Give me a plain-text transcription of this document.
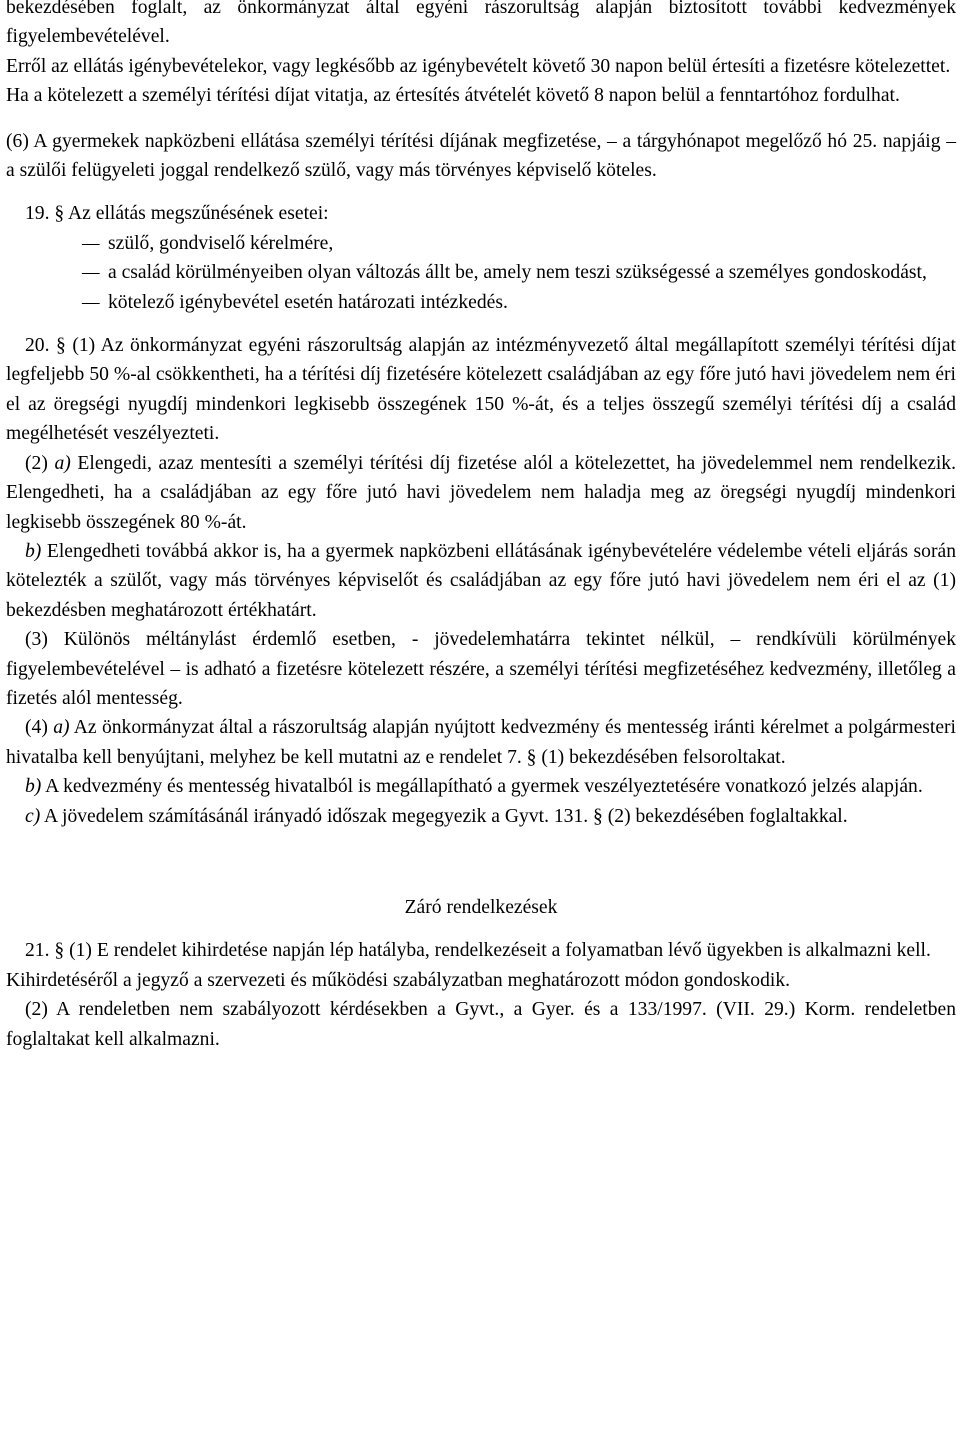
bekezdésében foglalt, az önkormányzat által egyéni rászorultság alapján biztosított további kedvezmények figyelembevételével.

Erről az ellátás igénybevételekor, vagy legkésőbb az igénybevételt követő 30 napon belül értesíti a fizetésre kötelezettet.

Ha a kötelezett a személyi térítési díjat vitatja, az értesítés átvételét követő 8 napon belül a fenntartóhoz fordulhat.

(6) A gyermekek napközbeni ellátása személyi térítési díjának megfizetése, – a tárgyhónapot megelőző hó 25. napjáig – a szülői felügyeleti joggal rendelkező szülő, vagy más törvényes képviselő köteles.

19. § Az ellátás megszűnésének esetei:

–– szülő, gondviselő kérelmére,
–– a család körülményeiben olyan változás állt be, amely nem teszi szükségessé a személyes gondoskodást,
–– kötelező igénybevétel esetén határozati intézkedés.

20. § (1) Az önkormányzat egyéni rászorultság alapján az intézményvezető által megállapított személyi térítési díjat legfeljebb 50 %-al csökkentheti, ha a térítési díj fizetésére kötelezett családjában az egy főre jutó havi jövedelem nem éri el az öregségi nyugdíj mindenkori legkisebb összegének 150 %-át, és a teljes összegű személyi térítési díj a család megélhetését veszélyezteti.

(2) a) Elengedi, azaz mentesíti a személyi térítési díj fizetése alól a kötelezettet, ha jövedelemmel nem rendelkezik. Elengedheti, ha a családjában az egy főre jutó havi jövedelem nem haladja meg az öregségi nyugdíj mindenkori legkisebb összegének 80 %-át.

b) Elengedheti továbbá akkor is, ha a gyermek napközbeni ellátásának igénybevételére védelembe vételi eljárás során kötelezték a szülőt, vagy más törvényes képviselőt és családjában az egy főre jutó havi jövedelem nem éri el az (1) bekezdésben meghatározott értékhatárt.

(3) Különös méltánylást érdemlő esetben, - jövedelemhatárra tekintet nélkül, – rendkívüli körülmények figyelembevételével – is adható a fizetésre kötelezett részére, a személyi térítési megfizetéséhez kedvezmény, illetőleg a fizetés alól mentesség.

(4) a) Az önkormányzat által a rászorultság alapján nyújtott kedvezmény és mentesség iránti kérelmet a polgármesteri hivatalba kell benyújtani, melyhez be kell mutatni az e rendelet 7. § (1) bekezdésében felsoroltakat.

b) A kedvezmény és mentesség hivatalból is megállapítható a gyermek veszélyeztetésére vonatkozó jelzés alapján.

c) A jövedelem számításánál irányadó időszak megegyezik a Gyvt. 131. § (2) bekezdésében foglaltakkal.

Záró rendelkezések

21. § (1) E rendelet kihirdetése napján lép hatályba, rendelkezéseit a folyamatban lévő ügyekben is alkalmazni kell.

Kihirdetéséről a jegyző a szervezeti és működési szabályzatban meghatározott módon gondoskodik.

(2) A rendeletben nem szabályozott kérdésekben a Gyvt., a Gyer. és a 133/1997. (VII. 29.) Korm. rendeletben foglaltakat kell alkalmazni.
